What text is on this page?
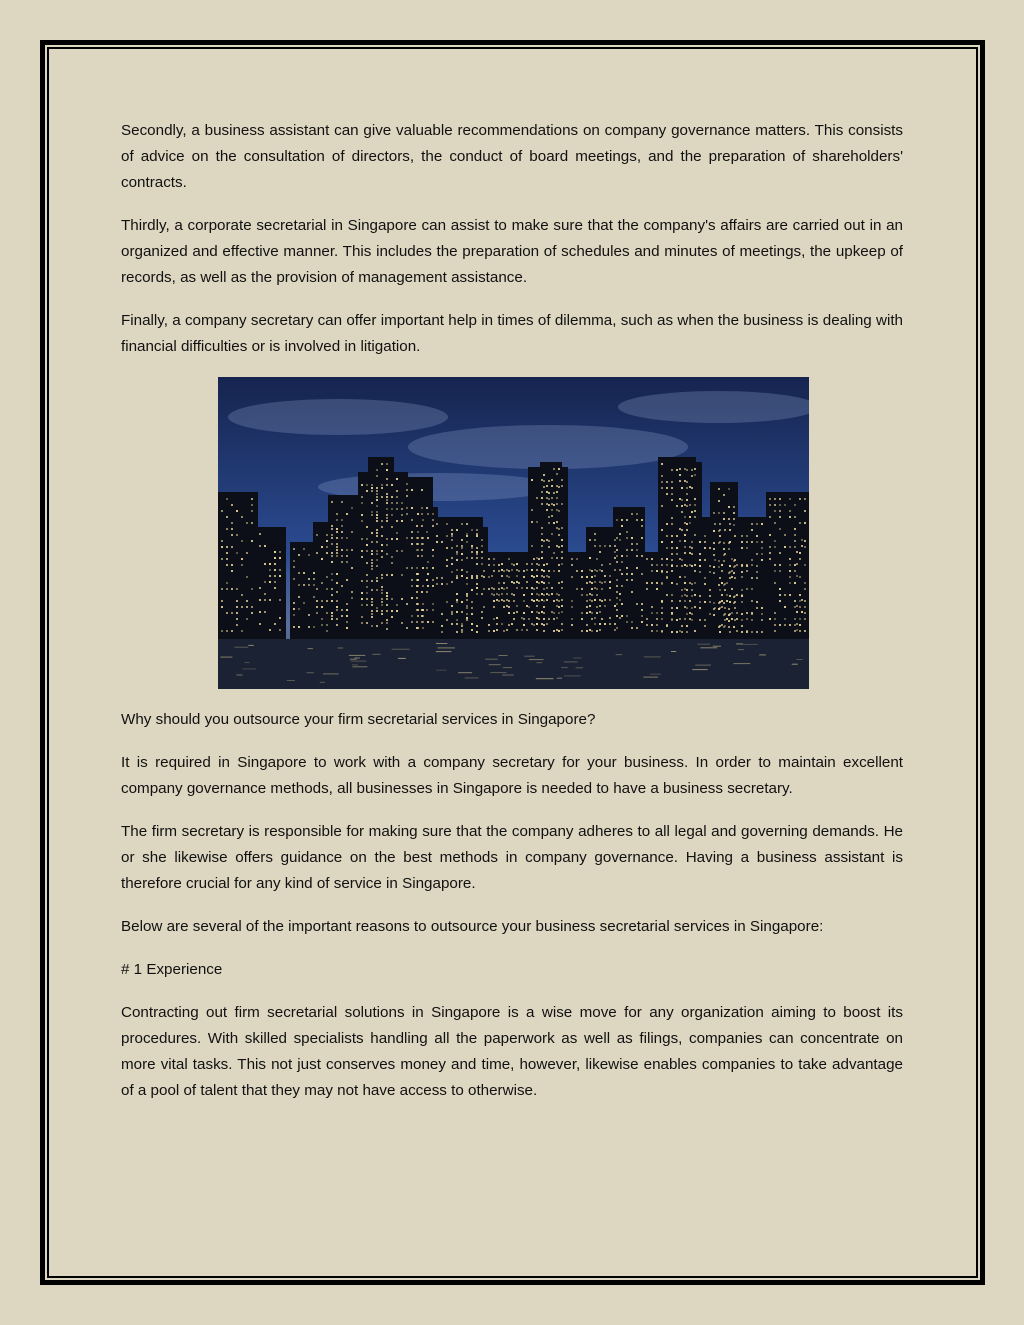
Secondly, a business assistant can give valuable recommendations on company governance matters. This consists of advice on the consultation of directors, the conduct of board meetings, and the preparation of shareholders' contracts.

Thirdly, a corporate secretarial in Singapore can assist to make sure that the company's affairs are carried out in an organized and effective manner. This includes the preparation of schedules and minutes of meetings, the upkeep of records, as well as the provision of management assistance.

Finally, a company secretary can offer important help in times of dilemma, such as when the business is dealing with financial difficulties or is involved in litigation.

Why should you outsource your firm secretarial services in Singapore?

It is required in Singapore to work with a company secretary for your business. In order to maintain excellent company governance methods, all businesses in Singapore is needed to have a business secretary.

The firm secretary is responsible for making sure that the company adheres to all legal and governing demands. He or she likewise offers guidance on the best methods in company governance. Having a business assistant is therefore crucial for any kind of service in Singapore.

Below are several of the important reasons to outsource your business secretarial services in Singapore:

# 1 Experience

Contracting out firm secretarial solutions in Singapore is a wise move for any organization aiming to boost its procedures. With skilled specialists handling all the paperwork as well as filings, companies can concentrate on more vital tasks. This not just conserves money and time, however, likewise enables companies to take advantage of a pool of talent that they may not have access to otherwise.
